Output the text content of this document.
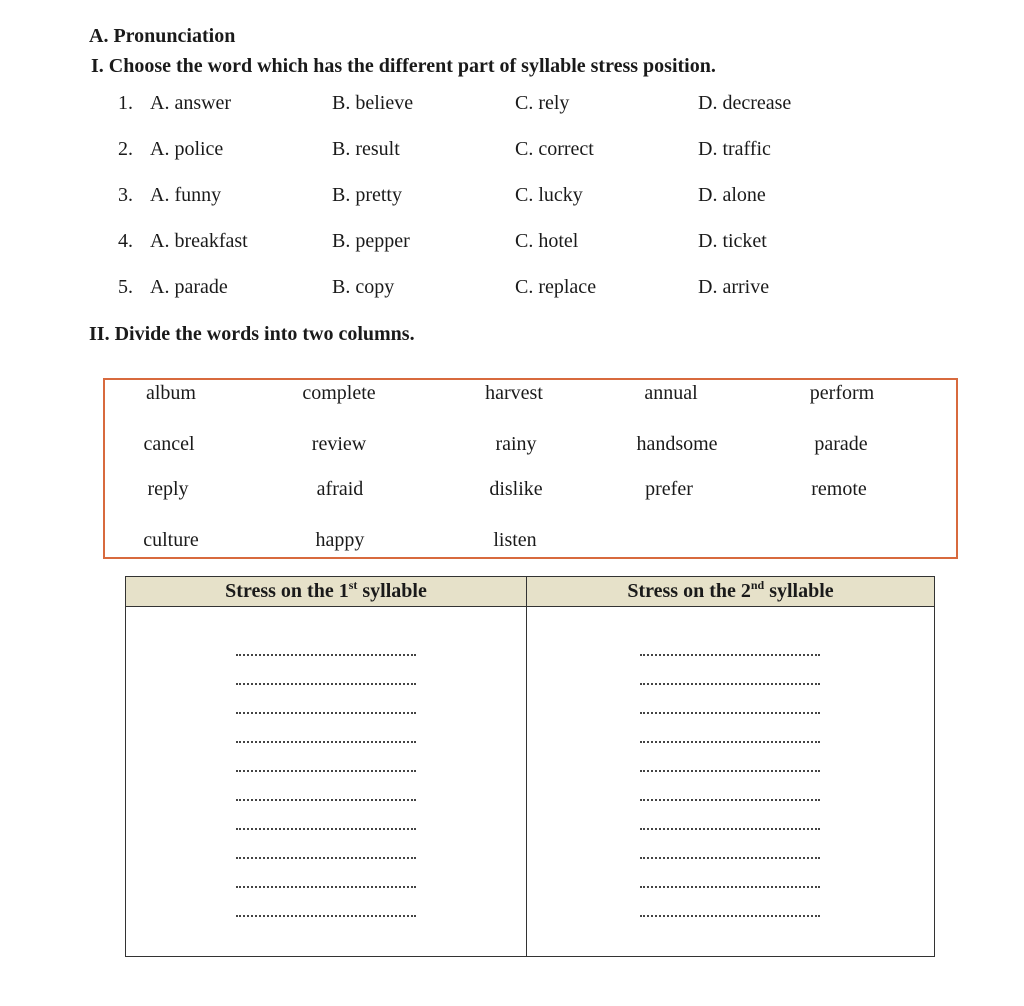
A. Pronunciation
I. Choose the word which has the different part of syllable stress position.
1. A. answer	B. believe	C. rely	D. decrease
2. A. police	B. result	C. correct	D. traffic
3. A. funny	B. pretty	C. lucky	D. alone
4. A. breakfast	B. pepper	C. hotel	D. ticket
5. A. parade	B. copy	C. replace	D. arrive
II. Divide the words into two columns.
album	complete	harvest	annual	perform
cancel	review	rainy	handsome	parade
reply	afraid	dislike	prefer	remote
culture	happy	listen
Stress on the 1st syllable	Stress on the 2nd syllable
